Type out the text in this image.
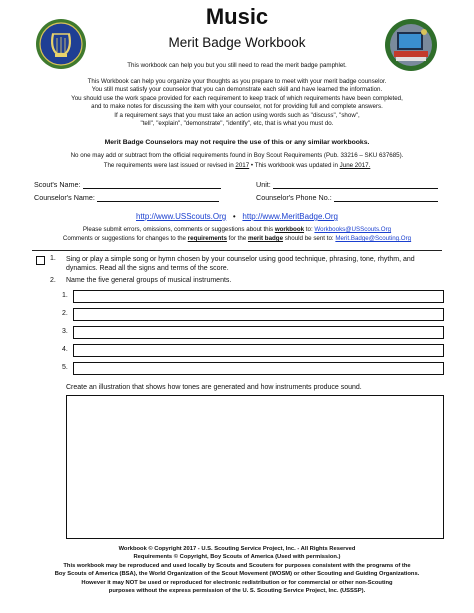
Music
Merit Badge Workbook
This workbook can help you but you still need to read the merit badge pamphlet.
This Workbook can help you organize your thoughts as you prepare to meet with your merit badge counselor.
You still must satisfy your counselor that you can demonstrate each skill and have learned the information.
You should use the work space provided for each requirement to keep track of which requirements have been completed,
and to make notes for discussing the item with your counselor, not for providing full and complete answers.
If a requirement says that you must take an action using words such as "discuss", "show",
"tell", "explain", "demonstrate", "identify", etc, that is what you must do.
Merit Badge Counselors may not require the use of this or any similar workbooks.
No one may add or subtract from the official requirements found in Boy Scout Requirements (Pub. 33216 – SKU 637685).
The requirements were last issued or revised in 2017 • This workbook was updated in June 2017.
Scout's Name:	Unit:
Counselor's Name:	Counselor's Phone No.:
http://www.USScouts.Org • http://www.MeritBadge.Org
Please submit errors, omissions, comments or suggestions about this workbook to: Workbooks@USScouts.Org
Comments or suggestions for changes to the requirements for the merit badge should be sent to: Merit.Badge@Scouting.Org
1. Sing or play a simple song or hymn chosen by your counselor using good technique, phrasing, tone, rhythm, and
dynamics. Read all the signs and terms of the score.
2. Name the five general groups of musical instruments.
1.
2.
3.
4.
5.
Create an illustration that shows how tones are generated and how instruments produce sound.
Workbook © Copyright 2017 - U.S. Scouting Service Project, Inc. - All Rights Reserved
Requirements © Copyright, Boy Scouts of America (Used with permission.)
This workbook may be reproduced and used locally by Scouts and Scouters for purposes consistent with the programs of the
Boy Scouts of America (BSA), the World Organization of the Scout Movement (WOSM) or other Scouting and Guiding Organizations.
However it may NOT be used or reproduced for electronic redistribution or for commercial or other non-Scouting
purposes without the express permission of the U. S. Scouting Service Project, Inc. (USSSP).
